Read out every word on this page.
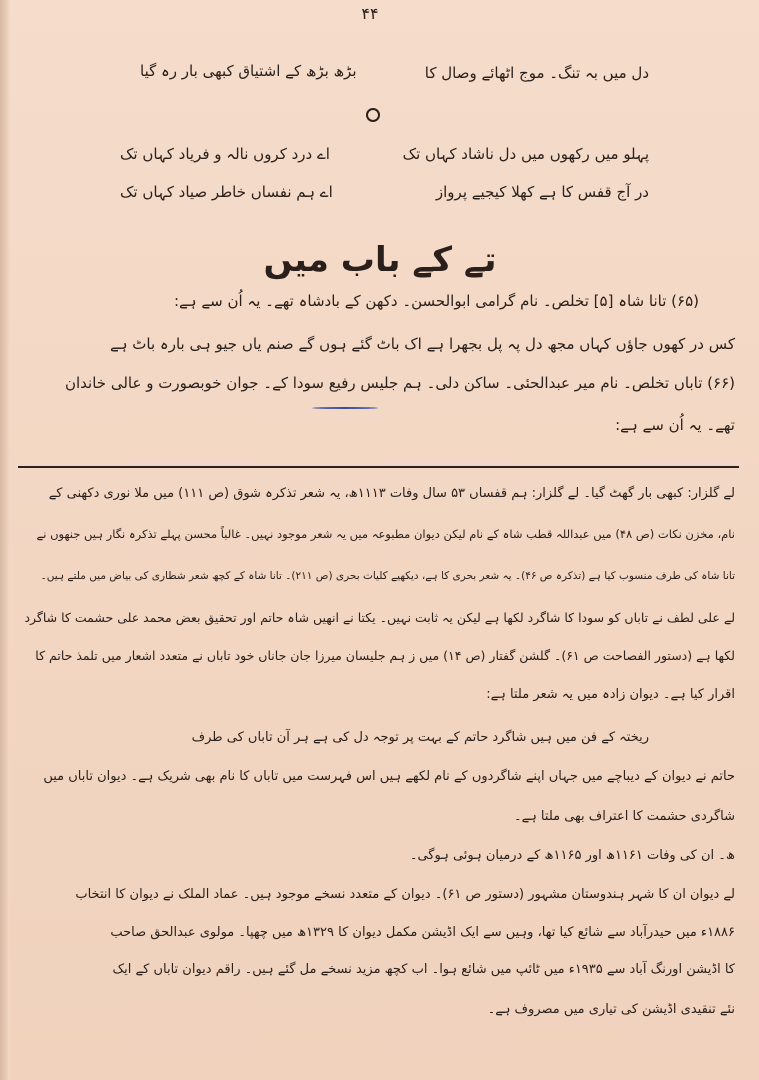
۴۴
دل میں بہ تنگ۔ موج اٹھائے وصال کا
بڑھ بڑھ کے اشتیاق کبھی بار رہ گیا
پہلو میں رکھوں میں دل ناشاد کہاں تک
اے درد کروں نالہ و فریاد کہاں تک
در آج قفس کا ہے کھلا کیجیے پرواز
اے ہم نفساں خاطر صیاد کہاں تک
تے کے باب میں
(۶۵) تانا شاہ [۵] تخلص۔ نام گرامی ابوالحسن۔ دکھن کے بادشاہ تھے۔ یہ اُن سے ہے:
کس در کھوں جاؤں کہاں مجھ دل پہ پل بجھرا ہے اک باٹ گئے ہوں گے صنم یاں جیو ہی بارہ باٹ ہے
(۶۶) تاباں تخلص۔ نام میر عبدالحئی۔ ساکن دلی۔ ہم جلیس رفیع سودا کے۔ جوان خوبصورت و عالی خاندان
تھے۔ یہ اُن سے ہے:
لے گلزار: کبھی بار گھٹ گیا۔ لے گلزار: ہم قفساں ۵۳ سال وفات ۱۱۱۳ھ، یہ شعر تذکرہ شوق (ص ۱۱۱) میں ملا نوری دکھنی کے
نام، مخزن نکات (ص ۴۸) میں عبداللہ قطب شاہ کے نام لیکن دیوان مطبوعہ میں یہ شعر موجود نہیں۔ غالباً محسن پہلے تذکرہ نگار ہیں جنھوں نے
تانا شاہ کی طرف منسوب کیا ہے (تذکرہ ص ۴۶)۔ یہ شعر بحری کا ہے، دیکھیے کلیات بحری (ص ۲۱۱)۔ تانا شاہ کے کچھ شعر شطاری کی بیاض میں ملتے ہیں۔
لے علی لطف نے تاباں کو سودا کا شاگرد لکھا ہے لیکن یہ ثابت نہیں۔ یکتا نے انھیں شاہ حاتم اور تحقیق بعض محمد علی حشمت کا شاگرد
لکھا ہے (دستور الفصاحت ص ۶۱)۔ گلشن گفتار (ص ۱۴) میں ز ہم جلیسان میرزا جان جاناں خود تاباں نے متعدد اشعار میں تلمذ حاتم کا
اقرار کیا ہے۔ دیوان زادہ میں یہ شعر ملتا ہے:
ریختہ کے فن میں ہیں شاگرد حاتم کے بہت پر توجہ دل کی ہے ہر آن تاباں کی طرف
حاتم نے دیوان کے دیباچے میں جہاں اپنے شاگردوں کے نام لکھے ہیں اس فہرست میں تاباں کا نام بھی شریک ہے۔ دیوان تاباں میں
شاگردی حشمت کا اعتراف بھی ملتا ہے۔
ھ۔ ان کی وفات ۱۱۶۱ھ اور ۱۱۶۵ھ کے درمیان ہوئی ہوگی۔
لے دیوان ان کا شہر ہندوستان مشہور (دستور ص ۶۱)۔ دیوان کے متعدد نسخے موجود ہیں۔ عماد الملک نے دیوان کا انتخاب
۱۸۸۶ء میں حیدرآباد سے شائع کیا تھا، وہیں سے ایک اڈیشن مکمل دیوان کا ۱۳۲۹ھ میں چھپا۔ مولوی عبدالحق صاحب
کا اڈیشن اورنگ آباد سے ۱۹۳۵ء میں ٹائپ میں شائع ہوا۔ اب کچھ مزید نسخے مل گئے ہیں۔ راقم دیوان تاباں کے ایک
نئے تنقیدی اڈیشن کی تیاری میں مصروف ہے۔
